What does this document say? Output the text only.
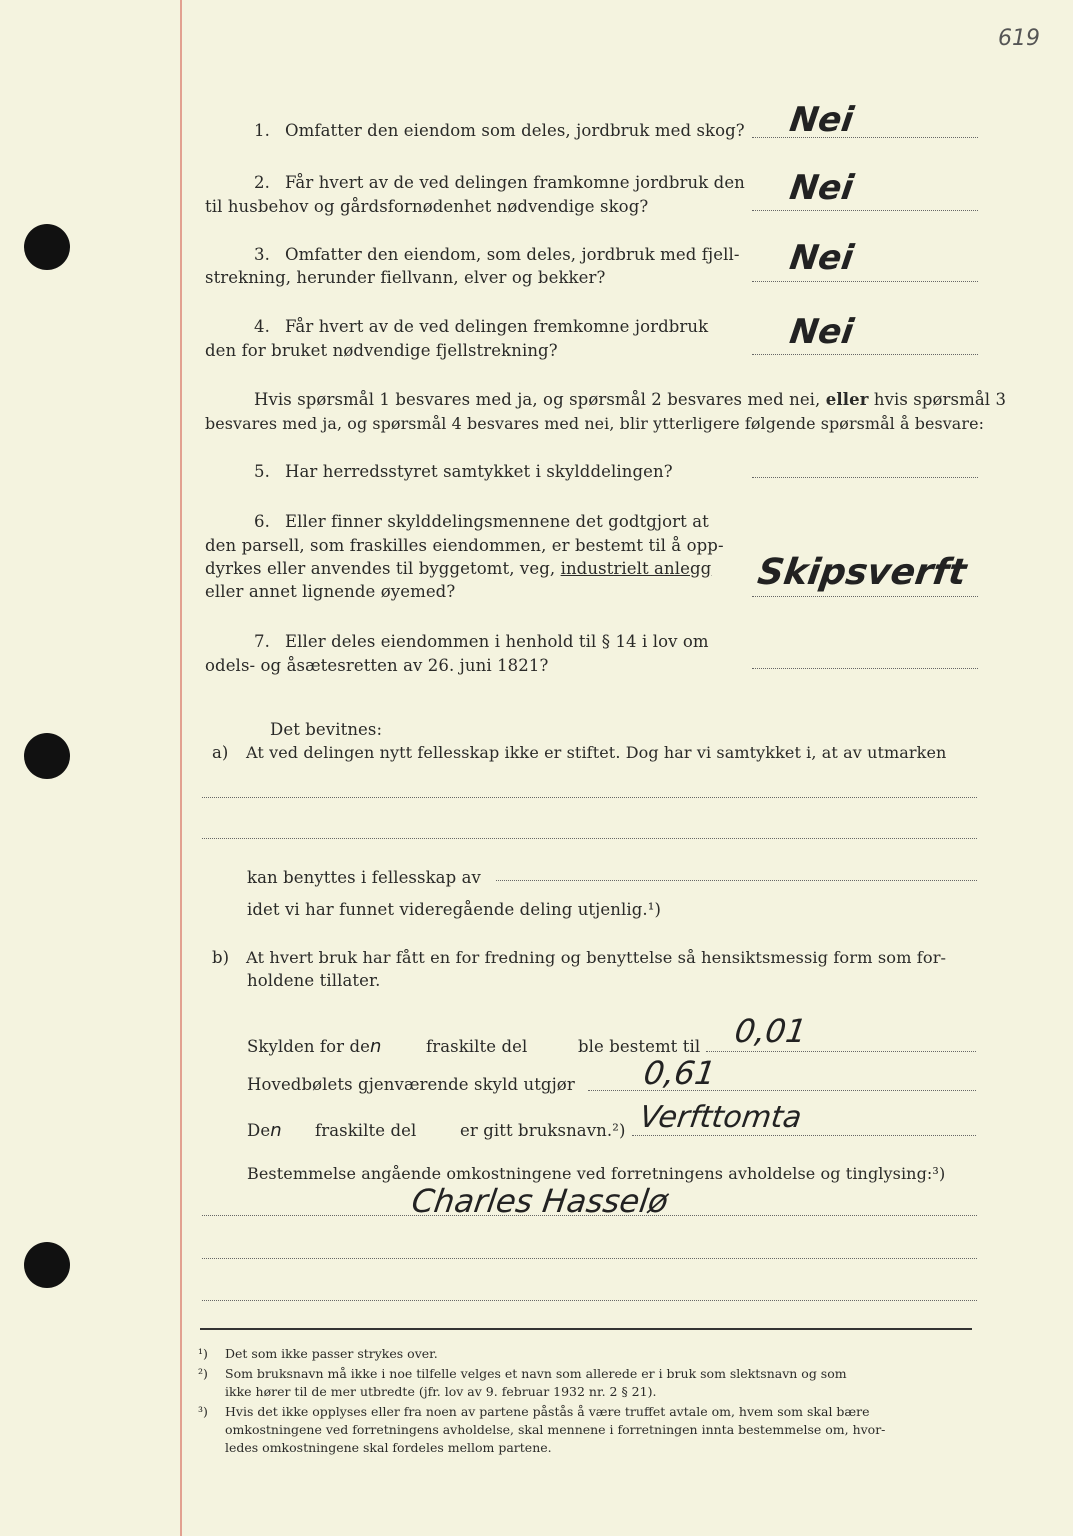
619
1. Omfatter den eiendom som deles, jordbruk med skog? Nei
2. Får hvert av de ved delingen framkomne jordbruk den
til husbehov og gårdsfornødenhet nødvendige skog?	Nei
3. Omfatter den eiendom, som deles, jordbruk med fjell-
strekning, herunder fiellvann, elver og bekker?	Nei
4. Får hvert av de ved delingen fremkomne jordbruk
den for bruket nødvendige fjellstrekning?	Nei
Hvis spørsmål 1 besvares med ja, og spørsmål 2 besvares med nei, eller hvis spørsmål 3
besvares med ja, og spørsmål 4 besvares med nei, blir ytterligere følgende spørsmål å besvare:
5. Har herredsstyret samtykket i skylddelingen?
6. Eller finner skylddelingsmennene det godtgjort at
den parsell, som fraskilles eiendommen, er bestemt til å opp-
dyrkes eller anvendes til byggetomt, veg, industrielt anlegg
eller annet lignende øyemed?	Skipsverft
7. Eller deles eiendommen i henhold til § 14 i lov om
odels- og åsætesretten av 26. juni 1821?
Det bevitnes:
a) At ved delingen nytt fellesskap ikke er stiftet. Dog har vi samtykket i, at av utmarken
kan benyttes i fellesskap av
idet vi har funnet videregående deling utjenlig.¹)
b) At hvert bruk har fått en for fredning og benyttelse så hensiktsmessig form som for-
holdene tillater.
Skylden for den	fraskilte del	ble bestemt til 0,01
Hovedbølets gjenværende skyld utgjør 0,61
Den fraskilte del	er gitt bruksnavn.²) Verfttomta
Bestemmelse angående omkostningene ved forretningens avholdelse og tinglysing:³)
Charles Hasselø
¹) Det som ikke passer strykes over.
²) Som bruksnavn må ikke i noe tilfelle velges et navn som allerede er i bruk som slektsnavn og som
ikke hører til de mer utbredte (jfr. lov av 9. februar 1932 nr. 2 § 21).
³) Hvis det ikke opplyses eller fra noen av partene påstås å være truffet avtale om, hvem som skal bære
omkostningene ved forretningens avholdelse, skal mennene i forretningen innta bestemmelse om, hvor-
ledes omkostningene skal fordeles mellom partene.
